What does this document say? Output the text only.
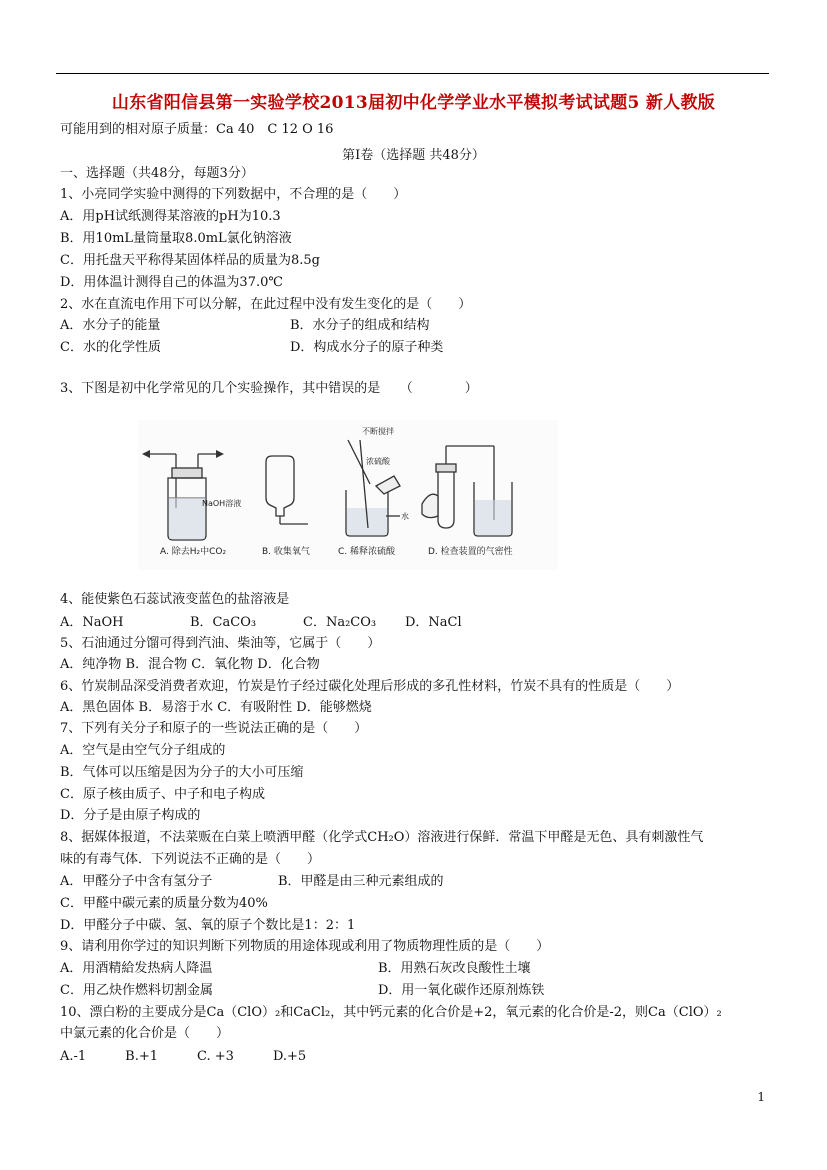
山东省阳信县第一实验学校2013届初中化学学业水平模拟考试试题5 新人教版
可能用到的相对原子质量：Ca 40　C 12 O 16
第Ⅰ卷（选择题 共48分）
一、选择题（共48分，每题3分）
1、小亮同学实验中测得的下列数据中，不合理的是（　　）
A．用pH试纸测得某溶液的pH为10.3
B．用10mL量筒量取8.0mL氯化钠溶液
C．用托盘天平称得某固体样品的质量为8.5g
D．用体温计测得自己的体温为37.0℃
2、水在直流电作用下可以分解，在此过程中没有发生变化的是（　　）
A．水分子的能量	B．水分子的组成和结构
C．水的化学性质	D．构成水分子的原子种类
3、下图是初中化学常见的几个实验操作，其中错误的是　　（　　　　）
NaOH溶液
不断搅拌
浓硫酸
水
A. 除去H₂中CO₂	B. 收集氧气	C. 稀释浓硫酸	D. 检查装置的气密性
4、能使紫色石蕊试液变蓝色的盐溶液是
A．NaOH	B．CaCO₃	C．Na₂CO₃ D．NaCl
5、石油通过分馏可得到汽油、柴油等，它属于（　　）
A．纯净物 B．混合物 C．氧化物 D．化合物
6、竹炭制品深受消费者欢迎，竹炭是竹子经过碳化处理后形成的多孔性材料，竹炭不具有的性质是（　　）
A．黑色固体 B．易溶于水 C．有吸附性 D．能够燃烧
7、下列有关分子和原子的一些说法正确的是（　　）
A．空气是由空气分子组成的
B．气体可以压缩是因为分子的大小可压缩
C．原子核由质子、中子和电子构成
D．分子是由原子构成的
8、据媒体报道，不法菜贩在白菜上喷洒甲醛（化学式CH₂O）溶液进行保鲜．常温下甲醛是无色、具有刺激性气
味的有毒气体．下列说法不正确的是（　　）
A．甲醛分子中含有氢分子	B．甲醛是由三种元素组成的
C．甲醛中碳元素的质量分数为40%
D．甲醛分子中碳、氢、氧的原子个数比是1：2：1
9、请利用你学过的知识判断下列物质的用途体现或利用了物质物理性质的是（　　）
A．用酒精給发热病人降温	B．用熟石灰改良酸性土壤
C．用乙炔作燃料切割金属	D．用一氧化碳作还原剂炼铁
10、漂白粉的主要成分是Ca（ClO）₂和CaCl₂，其中钙元素的化合价是+2，氧元素的化合价是-2，则Ca（ClO）₂
中氯元素的化合价是（　　）
A.-1　　　B.+1　　　C. +3　　　D.+5
1
